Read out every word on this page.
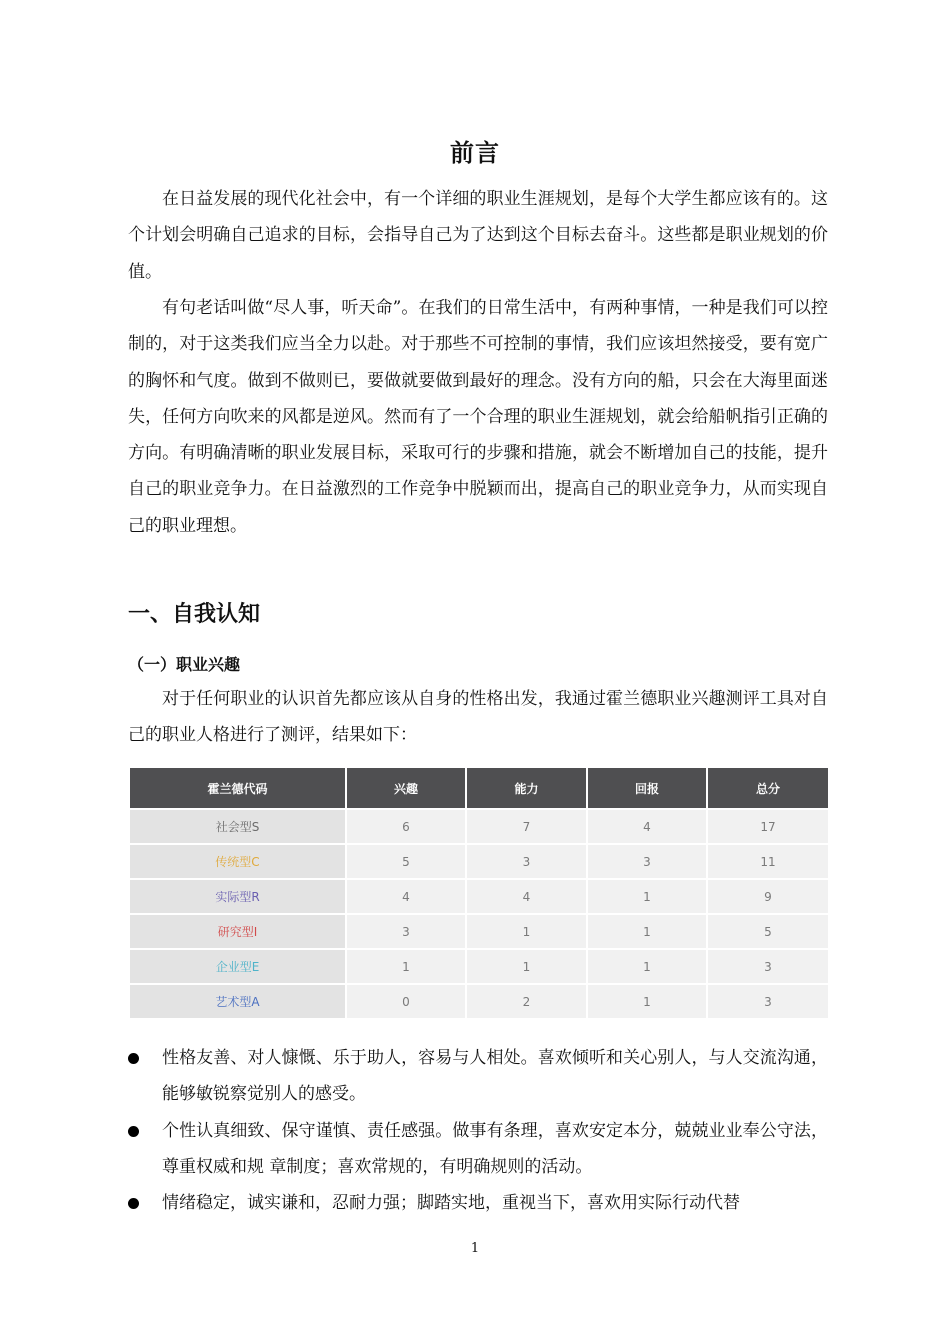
前言

在日益发展的现代化社会中，有一个详细的职业生涯规划，是每个大学生都应该有的。这个计划会明确自己追求的目标，会指导自己为了达到这个目标去奋斗。这些都是职业规划的价值。

有句老话叫做“尽人事，听天命”。在我们的日常生活中，有两种事情，一种是我们可以控制的，对于这类我们应当全力以赴。对于那些不可控制的事情，我们应该坦然接受，要有宽广的胸怀和气度。做到不做则已，要做就要做到最好的理念。没有方向的船，只会在大海里面迷失，任何方向吹来的风都是逆风。然而有了一个合理的职业生涯规划，就会给船帆指引正确的方向。有明确清晰的职业发展目标，采取可行的步骤和措施，就会不断增加自己的技能，提升自己的职业竞争力。在日益激烈的工作竞争中脱颖而出，提高自己的职业竞争力，从而实现自己的职业理想。

一、自我认知
（一）职业兴趣

对于任何职业的认识首先都应该从自身的性格出发，我通过霍兰德职业兴趣测评工具对自己的职业人格进行了测评，结果如下：

霍兰德代码	兴趣	能力	回报	总分
社会型S	6	7	4	17
传统型C	5	3	3	11
实际型R	4	4	1	9
研究型I	3	1	1	5
企业型E	1	1	1	3
艺术型A	0	2	1	3
性格友善、对人慷慨、乐于助人，容易与人相处。喜欢倾听和关心别人，与人交流沟通，能够敏锐察觉别人的感受。
个性认真细致、保守谨慎、责任感强。做事有条理，喜欢安定本分，兢兢业业奉公守法，尊重权威和规 章制度；喜欢常规的，有明确规则的活动。
情绪稳定，诚实谦和，忍耐力强；脚踏实地，重视当下，喜欢用实际行动代替
1
